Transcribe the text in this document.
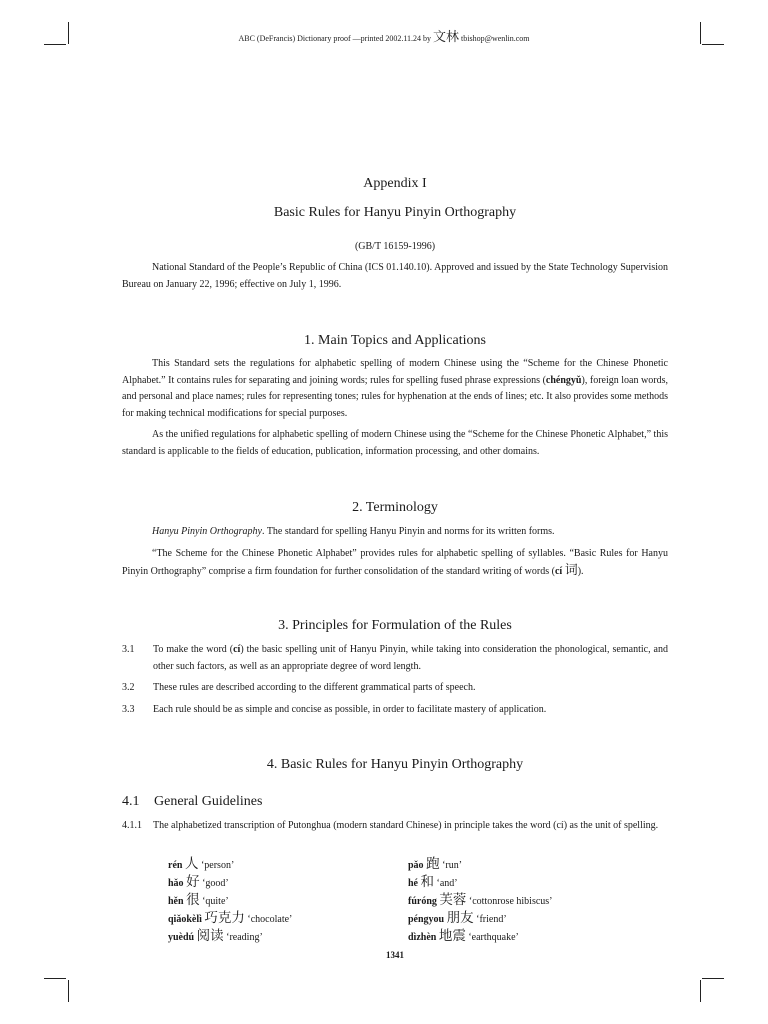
ABC (DeFrancis) Dictionary proof —printed 2002.11.24 by 文林 tbishop@wenlin.com
Appendix I
Basic Rules for Hanyu Pinyin Orthography
(GB/T 16159-1996)

National Standard of the People’s Republic of China (ICS 01.140.10). Approved and issued by the State Technology Supervision Bureau on January 22, 1996; effective on July 1, 1996.

1. Main Topics and Applications

This Standard sets the regulations for alphabetic spelling of modern Chinese using the “Scheme for the Chinese Phonetic Alphabet.” It contains rules for separating and joining words; rules for spelling fused phrase expressions (chéngyǔ), foreign loan words, and personal and place names; rules for representing tones; rules for hyphenation at the ends of lines; etc. It also provides some methods for making technical modifications for special purposes.

As the unified regulations for alphabetic spelling of modern Chinese using the “Scheme for the Chinese Phonetic Alphabet,” this standard is applicable to the fields of education, publication, information processing, and other domains.

2. Terminology

Hanyu Pinyin Orthography. The standard for spelling Hanyu Pinyin and norms for its written forms.

“The Scheme for the Chinese Phonetic Alphabet” provides rules for alphabetic spelling of syllables. “Basic Rules for Hanyu Pinyin Orthography” comprise a firm foundation for further consolidation of the standard writing of words (cí 词).

3. Principles for Formulation of the Rules
3.1 To make the word (cí) the basic spelling unit of Hanyu Pinyin, while taking into consideration the phonological, semantic, and other such factors, as well as an appropriate degree of word length.
3.2 These rules are described according to the different grammatical parts of speech.
3.3 Each rule should be as simple and concise as possible, in order to facilitate mastery of application.
4. Basic Rules for Hanyu Pinyin Orthography
4.1 General Guidelines
4.1.1 The alphabetized transcription of Putonghua (modern standard Chinese) in principle takes the word (cí) as the unit of spelling.
rén 人 ‘person’	pǎo 跑 ‘run’
hǎo 好 ‘good’	hé 和 ‘and’
hěn 很 ‘quite’	fúróng 芙蓉 ‘cottonrose hibiscus’
qiǎokèlì 巧克力 ‘chocolate’	péngyou 朋友 ‘friend’
yuèdú 阅读 ‘reading’	dìzhèn 地震 ‘earthquake’
1341
